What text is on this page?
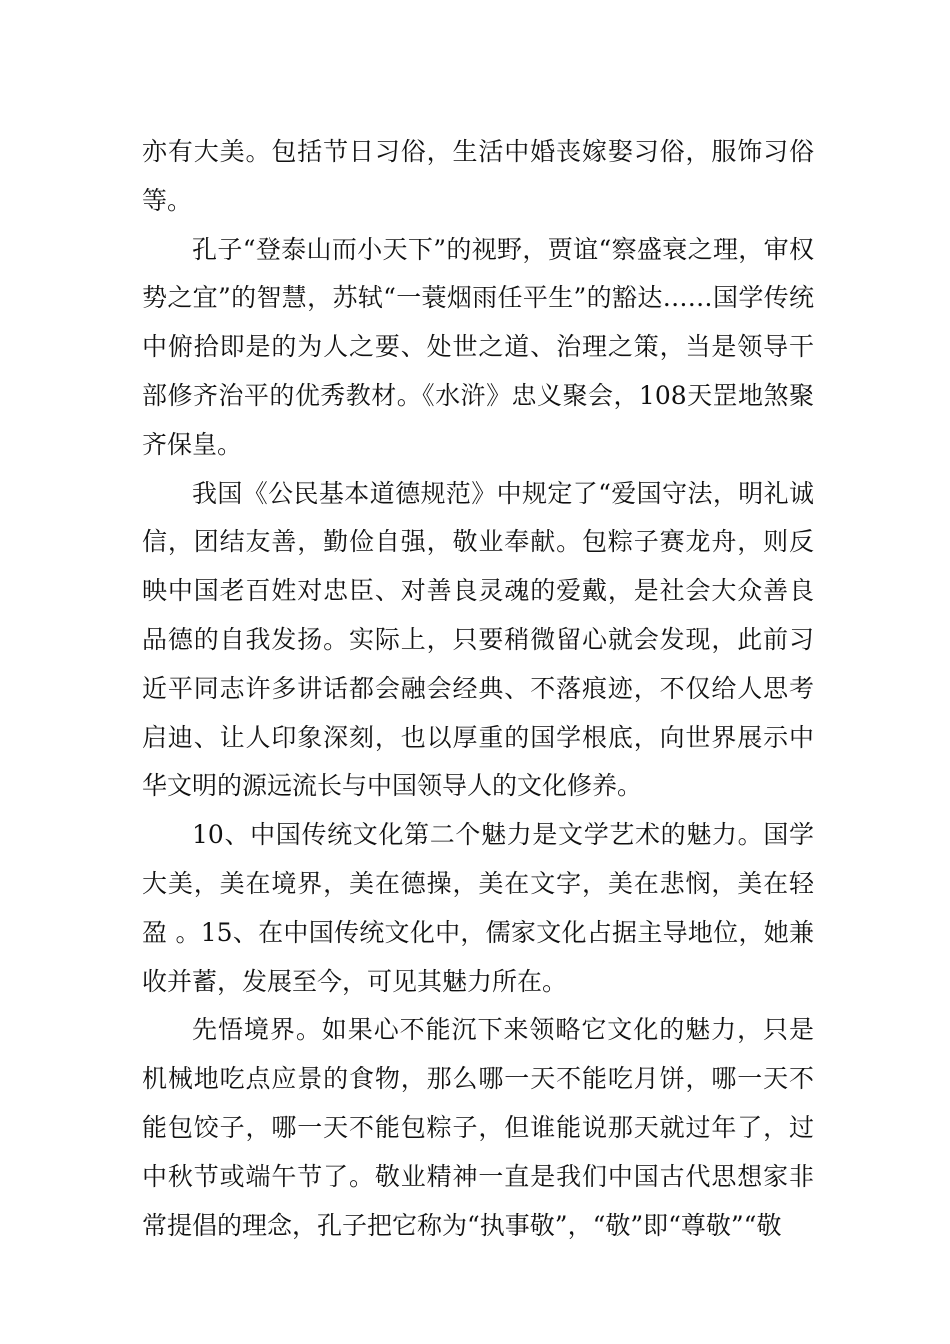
亦有大美。包括节日习俗，生活中婚丧嫁娶习俗，服饰习俗等。

孔子“登泰山而小天下”的视野，贾谊“察盛衰之理，审权势之宜”的智慧，苏轼“一蓑烟雨任平生”的豁达……国学传统中俯拾即是的为人之要、处世之道、治理之策，当是领导干部修齐治平的优秀教材。《水浒》忠义聚会，108天罡地煞聚齐保皇。

我国《公民基本道德规范》中规定了“爱国守法，明礼诚信，团结友善，勤俭自强，敬业奉献。包粽子赛龙舟，则反映中国老百姓对忠臣、对善良灵魂的爱戴，是社会大众善良品德的自我发扬。实际上，只要稍微留心就会发现，此前习近平同志许多讲话都会融会经典、不落痕迹，不仅给人思考启迪、让人印象深刻，也以厚重的国学根底，向世界展示中华文明的源远流长与中国领导人的文化修养。

10、中国传统文化第二个魅力是文学艺术的魅力。国学大美，美在境界，美在德操，美在文字，美在悲悯，美在轻盈 。15、在中国传统文化中，儒家文化占据主导地位，她兼收并蓄，发展至今，可见其魅力所在。

先悟境界。如果心不能沉下来领略它文化的魅力，只是机械地吃点应景的食物，那么哪一天不能吃月饼，哪一天不能包饺子，哪一天不能包粽子，但谁能说那天就过年了，过中秋节或端午节了。敬业精神一直是我们中国古代思想家非常提倡的理念，孔子把它称为“执事敬”，“敬”即“尊敬”“敬
